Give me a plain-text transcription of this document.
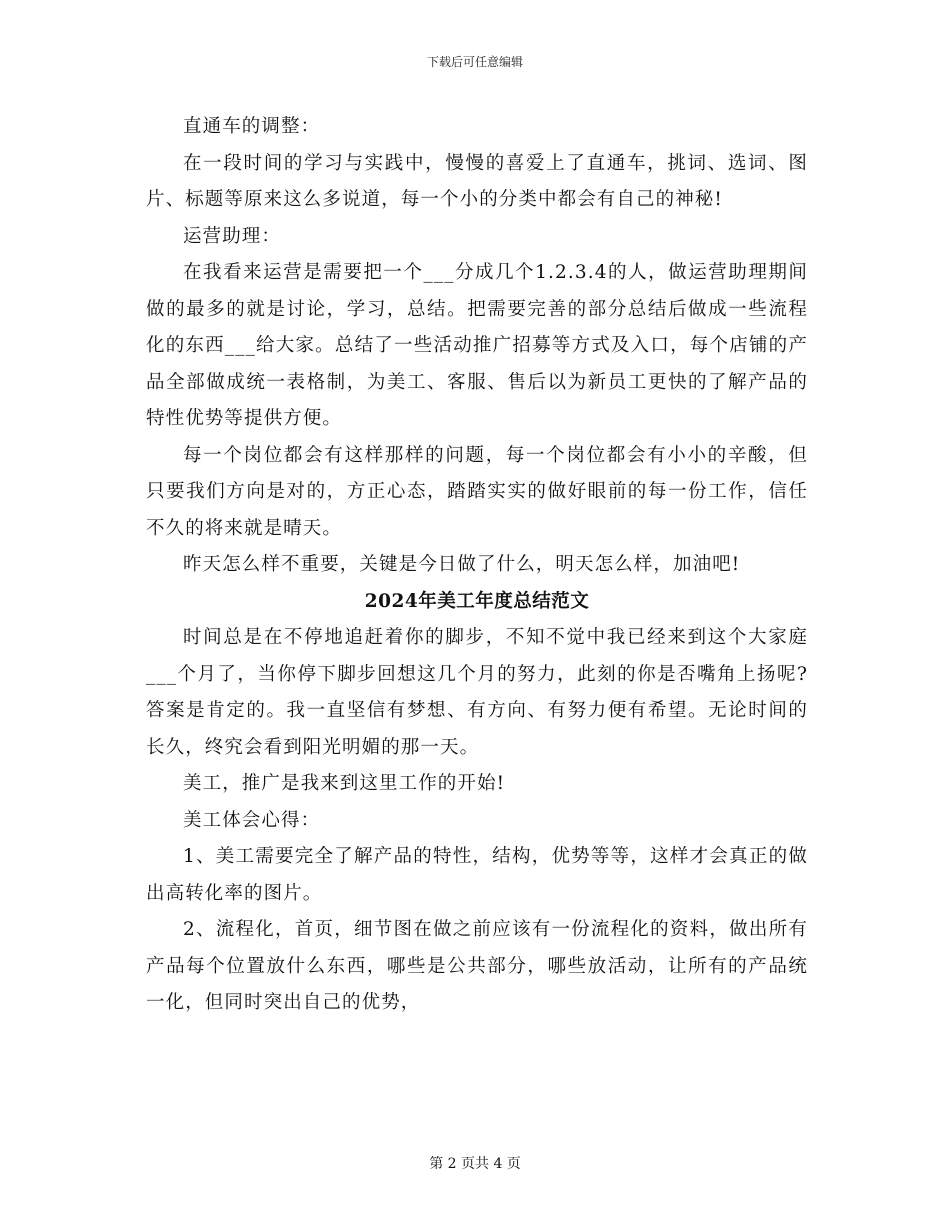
下载后可任意编辑

直通车的调整：

在一段时间的学习与实践中，慢慢的喜爱上了直通车，挑词、选词、图片、标题等原来这么多说道，每一个小的分类中都会有自己的神秘!

运营助理：

在我看来运营是需要把一个___分成几个1.2.3.4的人，做运营助理期间做的最多的就是讨论，学习，总结。把需要完善的部分总结后做成一些流程化的东西___给大家。总结了一些活动推广招募等方式及入口，每个店铺的产品全部做成统一表格制，为美工、客服、售后以为新员工更快的了解产品的特性优势等提供方便。

每一个岗位都会有这样那样的问题，每一个岗位都会有小小的辛酸，但只要我们方向是对的，方正心态，踏踏实实的做好眼前的每一份工作，信任不久的将来就是晴天。

昨天怎么样不重要，关键是今日做了什么，明天怎么样，加油吧!

2024年美工年度总结范文

时间总是在不停地追赶着你的脚步，不知不觉中我已经来到这个大家庭___个月了，当你停下脚步回想这几个月的努力，此刻的你是否嘴角上扬呢?答案是肯定的。我一直坚信有梦想、有方向、有努力便有希望。无论时间的长久，终究会看到阳光明媚的那一天。

美工，推广是我来到这里工作的开始!

美工体会心得：

1、美工需要完全了解产品的特性，结构，优势等等，这样才会真正的做出高转化率的图片。

2、流程化，首页，细节图在做之前应该有一份流程化的资料，做出所有产品每个位置放什么东西，哪些是公共部分，哪些放活动，让所有的产品统一化，但同时突出自己的优势，

第 2 页共 4 页
